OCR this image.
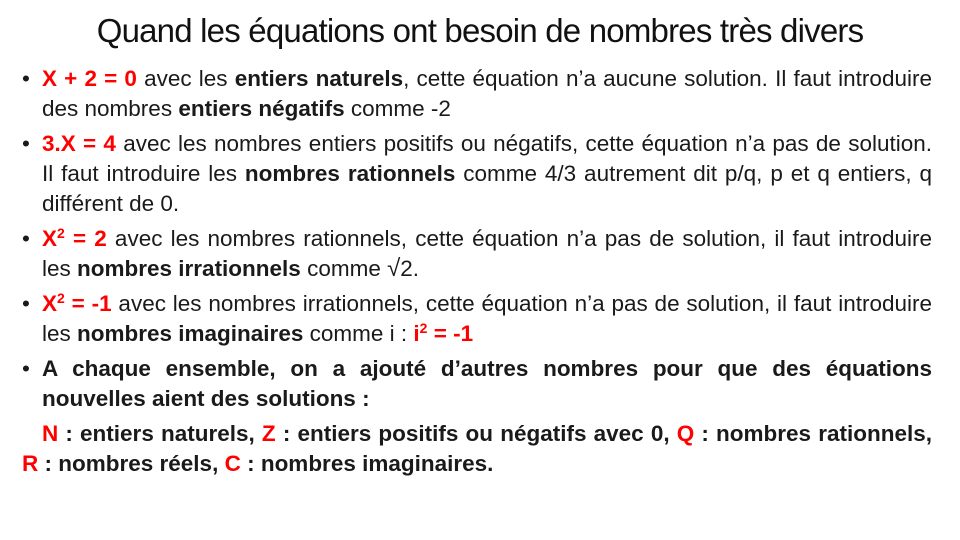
Quand les équations ont besoin de nombres très divers
• X + 2 = 0 avec les entiers naturels, cette équation n’a aucune solution. Il faut introduire des nombres entiers négatifs comme -2
• 3.X = 4 avec les nombres entiers positifs ou négatifs, cette équation n’a pas de solution. Il faut introduire les nombres rationnels comme 4/3 autrement dit p/q, p et q entiers, q différent de 0.
• $X^2 = 2$ avec les nombres rationnels, cette équation n’a pas de solution, il faut introduire les nombres irrationnels comme √2.
• $X^2 = -1$ avec les nombres irrationnels, cette équation n’a pas de solution, il faut introduire les nombres imaginaires comme i : $i^2 = -1$
• A chaque ensemble, on a ajouté d’autres nombres pour que des équations nouvelles aient des solutions :
N : entiers naturels, Z : entiers positifs ou négatifs avec 0, Q : nombres rationnels, R : nombres réels, C : nombres imaginaires.
